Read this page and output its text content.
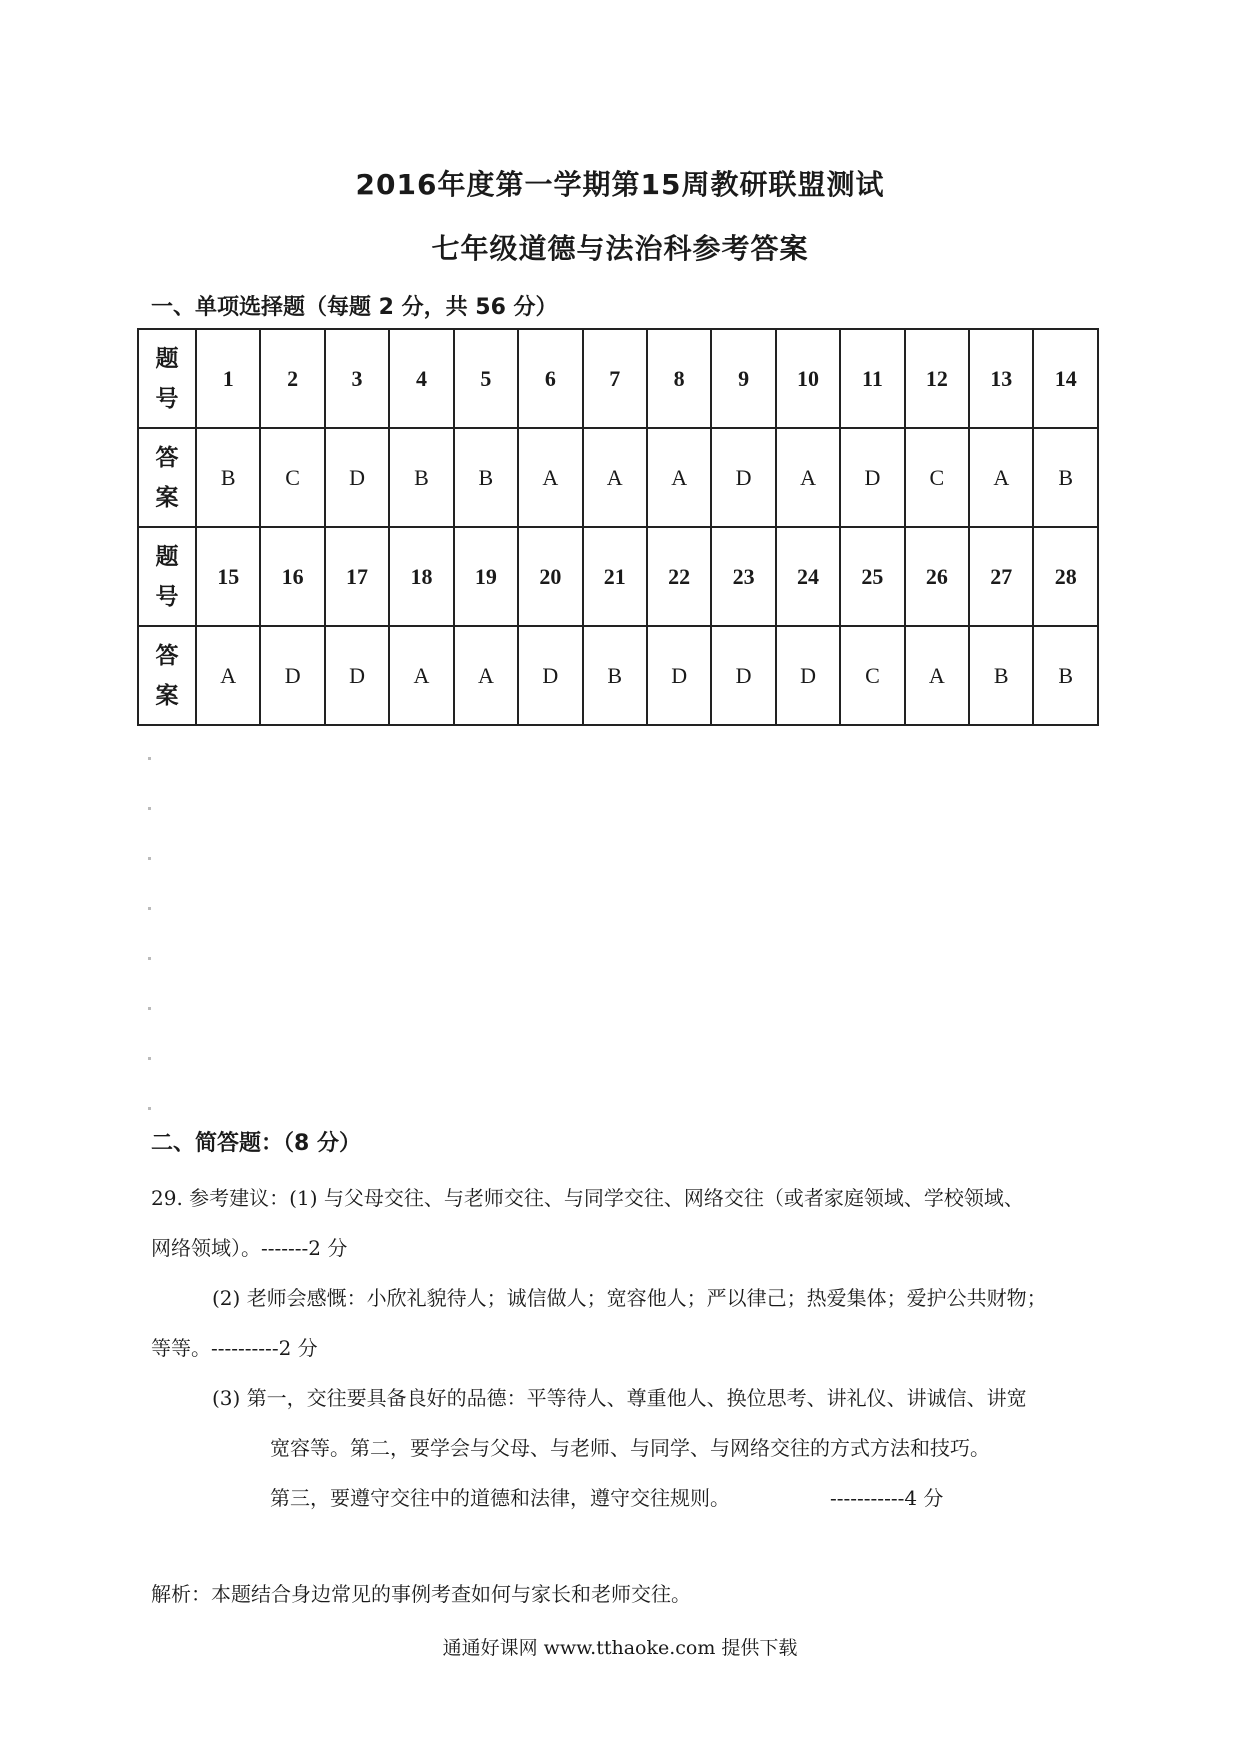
2016年度第一学期第15周教研联盟测试
七年级道德与法治科参考答案
一、单项选择题（每题 2 分，共 56 分）
题
号	1	2	3	4	5	6	7	8	9	10	11	12	13	14

答
案	B	C	D	B	B	A	A	A	D	A	D	C	A	B

题
号	15	16	17	18	19	20	21	22	23	24	25	26	27	28

答
案	A	D	D	A	A	D	B	D	D	D	C	A	B	B
二、简答题：（8 分）

29. 参考建议：(1) 与父母交往、与老师交往、与同学交往、网络交往（或者家庭领域、学校领域、

网络领域）。-------2 分

(2) 老师会感慨：小欣礼貌待人；诚信做人；宽容他人；严以律己；热爱集体；爱护公共财物；

等等。----------2 分

(3) 第一，交往要具备良好的品德：平等待人、尊重他人、换位思考、讲礼仪、讲诚信、讲宽

宽容等。第二，要学会与父母、与老师、与同学、与网络交往的方式方法和技巧。

第三，要遵守交往中的道德和法律，遵守交往规则。	-----------4 分

解析：本题结合身边常见的事例考查如何与家长和老师交往。

通通好课网 www.tthaoke.com 提供下载
